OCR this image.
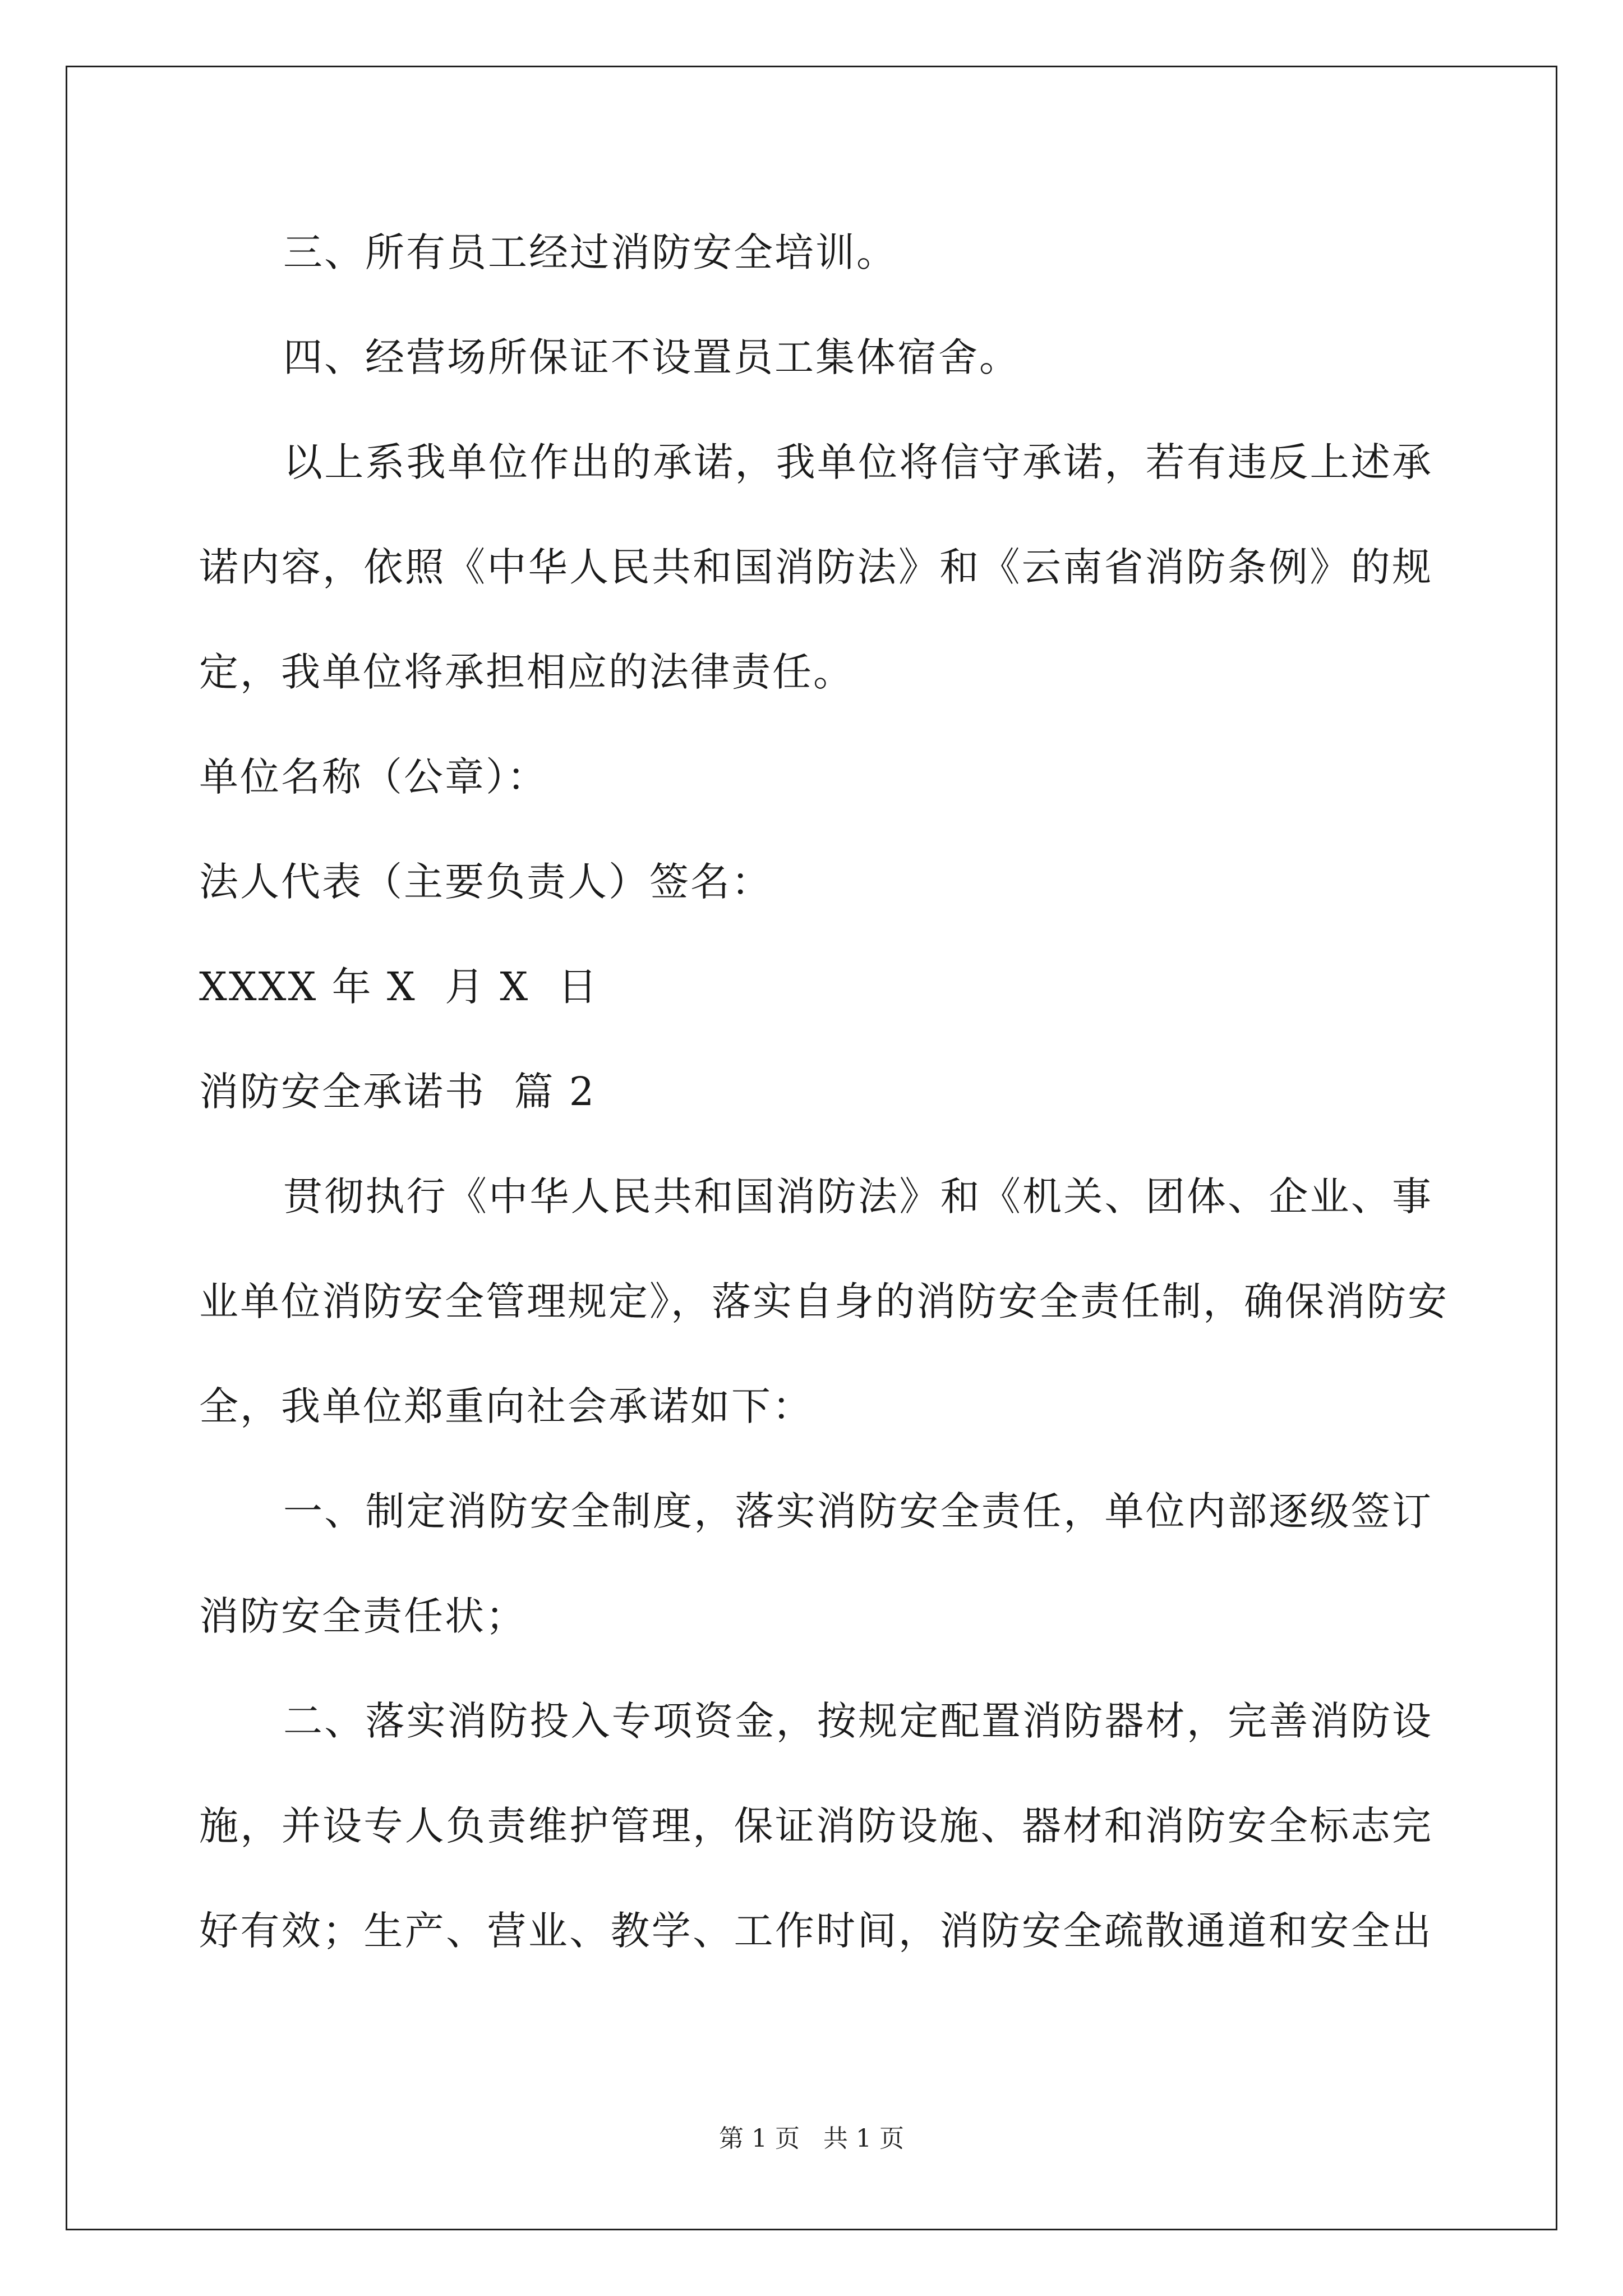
三、所有员工经过消防安全培训。
四、经营场所保证不设置员工集体宿舍。
以上系我单位作出的承诺，我单位将信守承诺，若有违反上述承
诺内容，依照《中华人民共和国消防法》和《云南省消防条例》的规
定，我单位将承担相应的法律责任。
单位名称（公章）：
法人代表（主要负责人）签名：
XXXX 年 X  月 X  日
消防安全承诺书  篇 2
贯彻执行《中华人民共和国消防法》和《机关、团体、企业、事
业单位消防安全管理规定》，落实自身的消防安全责任制，确保消防安
全，我单位郑重向社会承诺如下：
一、制定消防安全制度，落实消防安全责任，单位内部逐级签订
消防安全责任状；
二、落实消防投入专项资金，按规定配置消防器材，完善消防设
施，并设专人负责维护管理，保证消防设施、器材和消防安全标志完
好有效；生产、营业、教学、工作时间，消防安全疏散通道和安全出
第 1 页   共 1 页
